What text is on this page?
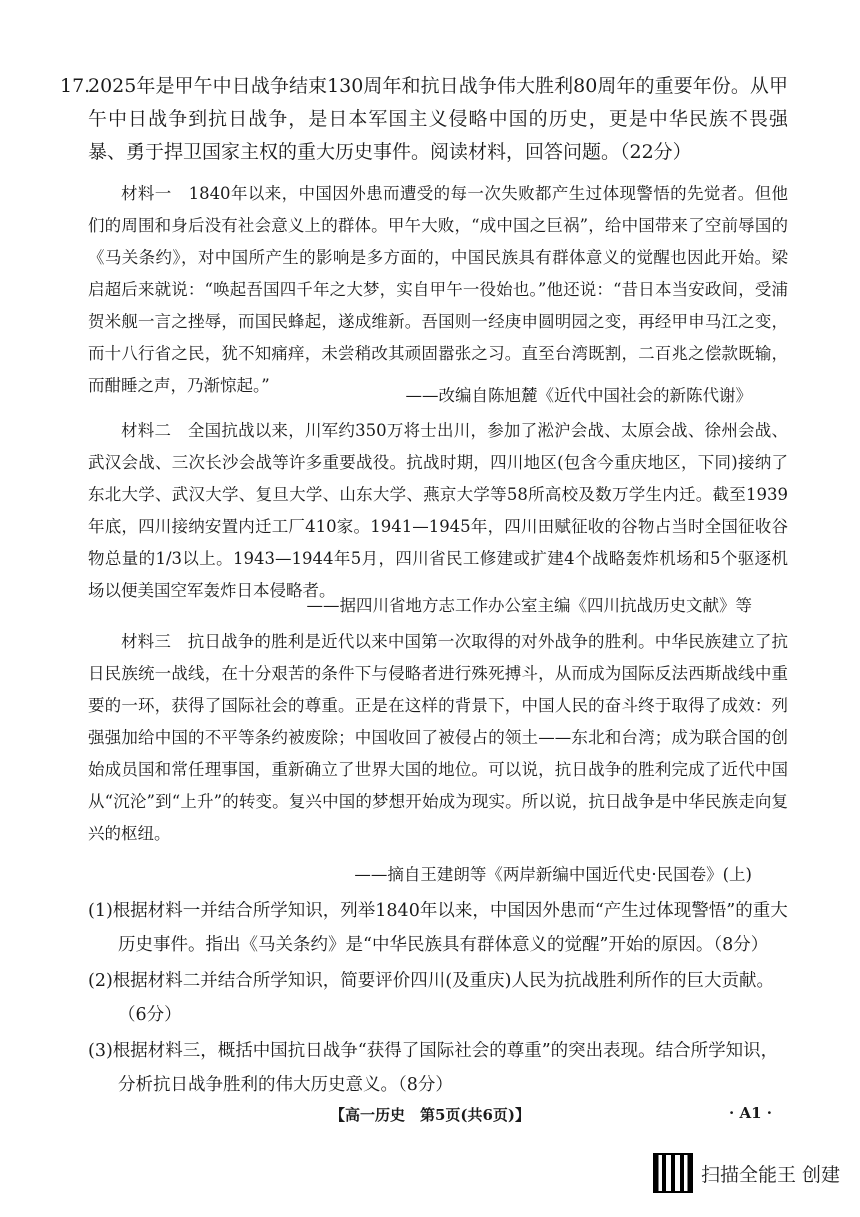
17.
2025年是甲午中日战争结束130周年和抗日战争伟大胜利80周年的重要年份。从甲午中日战争到抗日战争，是日本军国主义侵略中国的历史，更是中华民族不畏强暴、勇于捍卫国家主权的重大历史事件。阅读材料，回答问题。（22分）
材料一　1840年以来，中国因外患而遭受的每一次失败都产生过体现警悟的先觉者。但他们的周围和身后没有社会意义上的群体。甲午大败，“成中国之巨祸”，给中国带来了空前辱国的《马关条约》，对中国所产生的影响是多方面的，中国民族具有群体意义的觉醒也因此开始。梁启超后来就说：“唤起吾国四千年之大梦，实自甲午一役始也。”他还说：“昔日本当安政间，受浦贺米舰一言之挫辱，而国民蜂起，遂成维新。吾国则一经庚申圆明园之变，再经甲申马江之变，而十八行省之民，犹不知痛痒，未尝稍改其顽固嚣张之习。直至台湾既割，二百兆之偿款既输，而酣睡之声，乃渐惊起。”
——改编自陈旭麓《近代中国社会的新陈代谢》
材料二　全国抗战以来，川军约350万将士出川，参加了淞沪会战、太原会战、徐州会战、武汉会战、三次长沙会战等许多重要战役。抗战时期，四川地区(包含今重庆地区，下同)接纳了东北大学、武汉大学、复旦大学、山东大学、燕京大学等58所高校及数万学生内迁。截至1939年底，四川接纳安置内迁工厂410家。1941—1945年，四川田赋征收的谷物占当时全国征收谷物总量的1/3以上。1943—1944年5月，四川省民工修建或扩建4个战略轰炸机场和5个驱逐机场以便美国空军轰炸日本侵略者。
——据四川省地方志工作办公室主编《四川抗战历史文献》等
材料三　抗日战争的胜利是近代以来中国第一次取得的对外战争的胜利。中华民族建立了抗日民族统一战线，在十分艰苦的条件下与侵略者进行殊死搏斗，从而成为国际反法西斯战线中重要的一环，获得了国际社会的尊重。正是在这样的背景下，中国人民的奋斗终于取得了成效：列强强加给中国的不平等条约被废除；中国收回了被侵占的领土——东北和台湾；成为联合国的创始成员国和常任理事国，重新确立了世界大国的地位。可以说，抗日战争的胜利完成了近代中国从“沉沦”到“上升”的转变。复兴中国的梦想开始成为现实。所以说，抗日战争是中华民族走向复兴的枢纽。
——摘自王建朗等《两岸新编中国近代史·民国卷》(上)
(1)根据材料一并结合所学知识，列举1840年以来，中国因外患而“产生过体现警悟”的重大
历史事件。指出《马关条约》是“中华民族具有群体意义的觉醒”开始的原因。（8分）
(2)根据材料二并结合所学知识，简要评价四川(及重庆)人民为抗战胜利所作的巨大贡献。
（6分）
(3)根据材料三，概括中国抗日战争“获得了国际社会的尊重”的突出表现。结合所学知识，
分析抗日战争胜利的伟大历史意义。（8分）
【高一历史　第5页(共6页)】	· A1 ·
扫描全能王 创建
